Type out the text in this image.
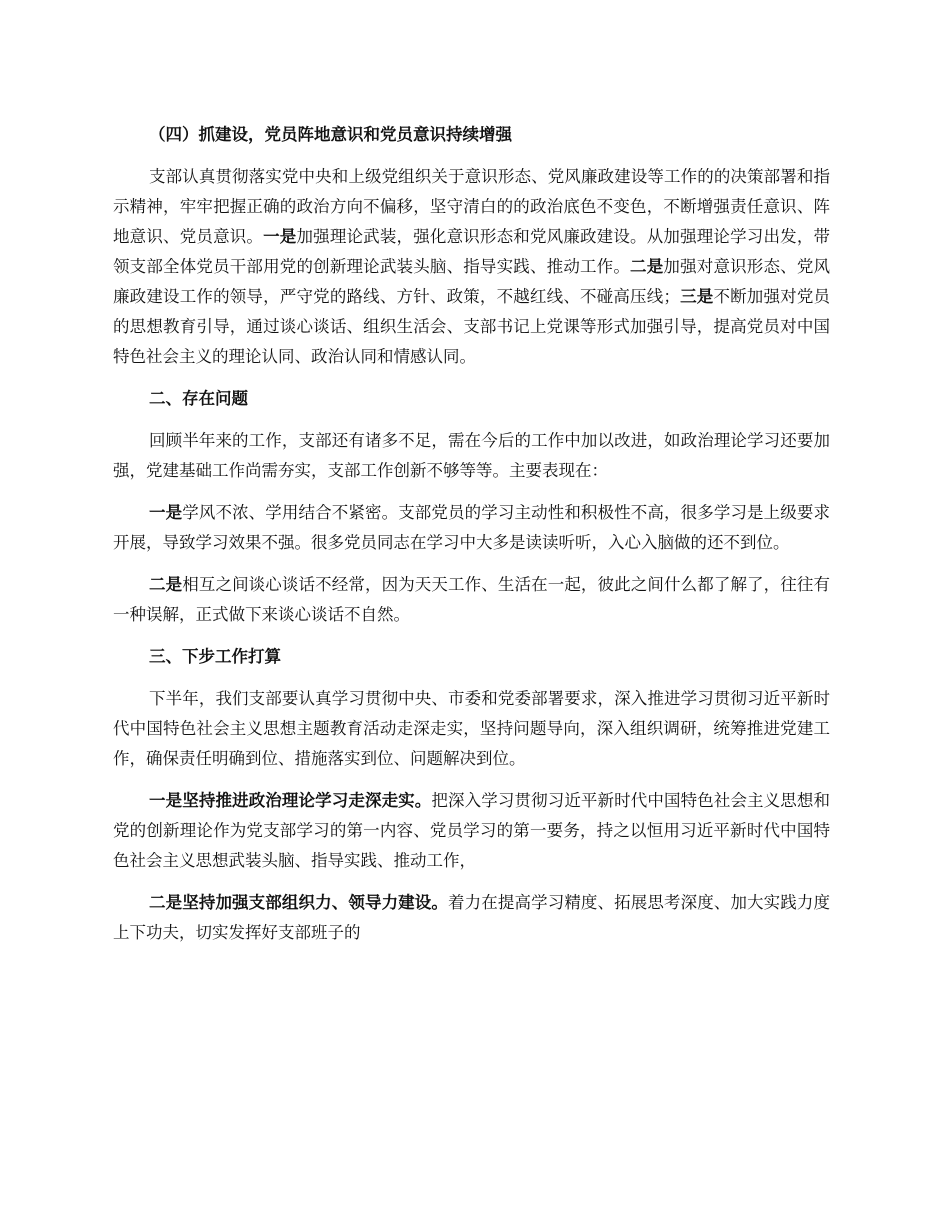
（四）抓建设，党员阵地意识和党员意识持续增强

支部认真贯彻落实党中央和上级党组织关于意识形态、党风廉政建设等工作的的决策部署和指示精神，牢牢把握正确的政治方向不偏移，坚守清白的的政治底色不变色，不断增强责任意识、阵地意识、党员意识。一是加强理论武装，强化意识形态和党风廉政建设。从加强理论学习出发，带领支部全体党员干部用党的创新理论武装头脑、指导实践、推动工作。二是加强对意识形态、党风廉政建设工作的领导，严守党的路线、方针、政策，不越红线、不碰高压线；三是不断加强对党员的思想教育引导，通过谈心谈话、组织生活会、支部书记上党课等形式加强引导，提高党员对中国特色社会主义的理论认同、政治认同和情感认同。

二、存在问题

回顾半年来的工作，支部还有诸多不足，需在今后的工作中加以改进，如政治理论学习还要加强，党建基础工作尚需夯实，支部工作创新不够等等。主要表现在：

一是学风不浓、学用结合不紧密。支部党员的学习主动性和积极性不高，很多学习是上级要求开展，导致学习效果不强。很多党员同志在学习中大多是读读听听，入心入脑做的还不到位。

二是相互之间谈心谈话不经常，因为天天工作、生活在一起，彼此之间什么都了解了，往往有一种误解，正式做下来谈心谈话不自然。

三、下步工作打算

下半年，我们支部要认真学习贯彻中央、市委和党委部署要求，深入推进学习贯彻习近平新时代中国特色社会主义思想主题教育活动走深走实，坚持问题导向，深入组织调研，统筹推进党建工作，确保责任明确到位、措施落实到位、问题解决到位。

一是坚持推进政治理论学习走深走实。把深入学习贯彻习近平新时代中国特色社会主义思想和党的创新理论作为党支部学习的第一内容、党员学习的第一要务，持之以恒用习近平新时代中国特色社会主义思想武装头脑、指导实践、推动工作，

二是坚持加强支部组织力、领导力建设。着力在提高学习精度、拓展思考深度、加大实践力度上下功夫，切实发挥好支部班子的
